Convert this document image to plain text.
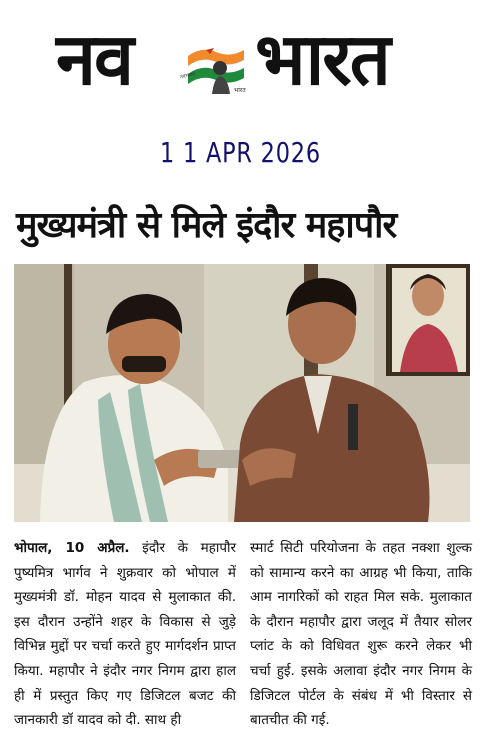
नव	नवभारत
भारत भारत
1 1 APR 2026
मुख्यमंत्री से मिले इंदौर महापौर
भोपाल, 10 अप्रैल. इंदौर के महापौर पुष्यमित्र भार्गव ने शुक्रवार को भोपाल में मुख्यमंत्री डॉ. मोहन यादव से मुलाकात की. इस दौरान उन्होंने शहर के विकास से जुड़े विभिन्न मुद्दों पर चर्चा करते हुए मार्गदर्शन प्राप्त किया. महापौर ने इंदौर नगर निगम द्वारा हाल ही में प्रस्तुत किए गए डिजिटल बजट की जानकारी डॉ यादव को दी. साथ ही
स्मार्ट सिटी परियोजना के तहत नक्शा शुल्क को सामान्य करने का आग्रह भी किया, ताकि आम नागरिकों को राहत मिल सके. मुलाकात के दौरान महापौर द्वारा जलूद में तैयार सोलर प्लांट के को विधिवत शुरू करने लेकर भी चर्चा हुई. इसके अलावा इंदौर नगर निगम के डिजिटल पोर्टल के संबंध में भी विस्तार से बातचीत की गई.
